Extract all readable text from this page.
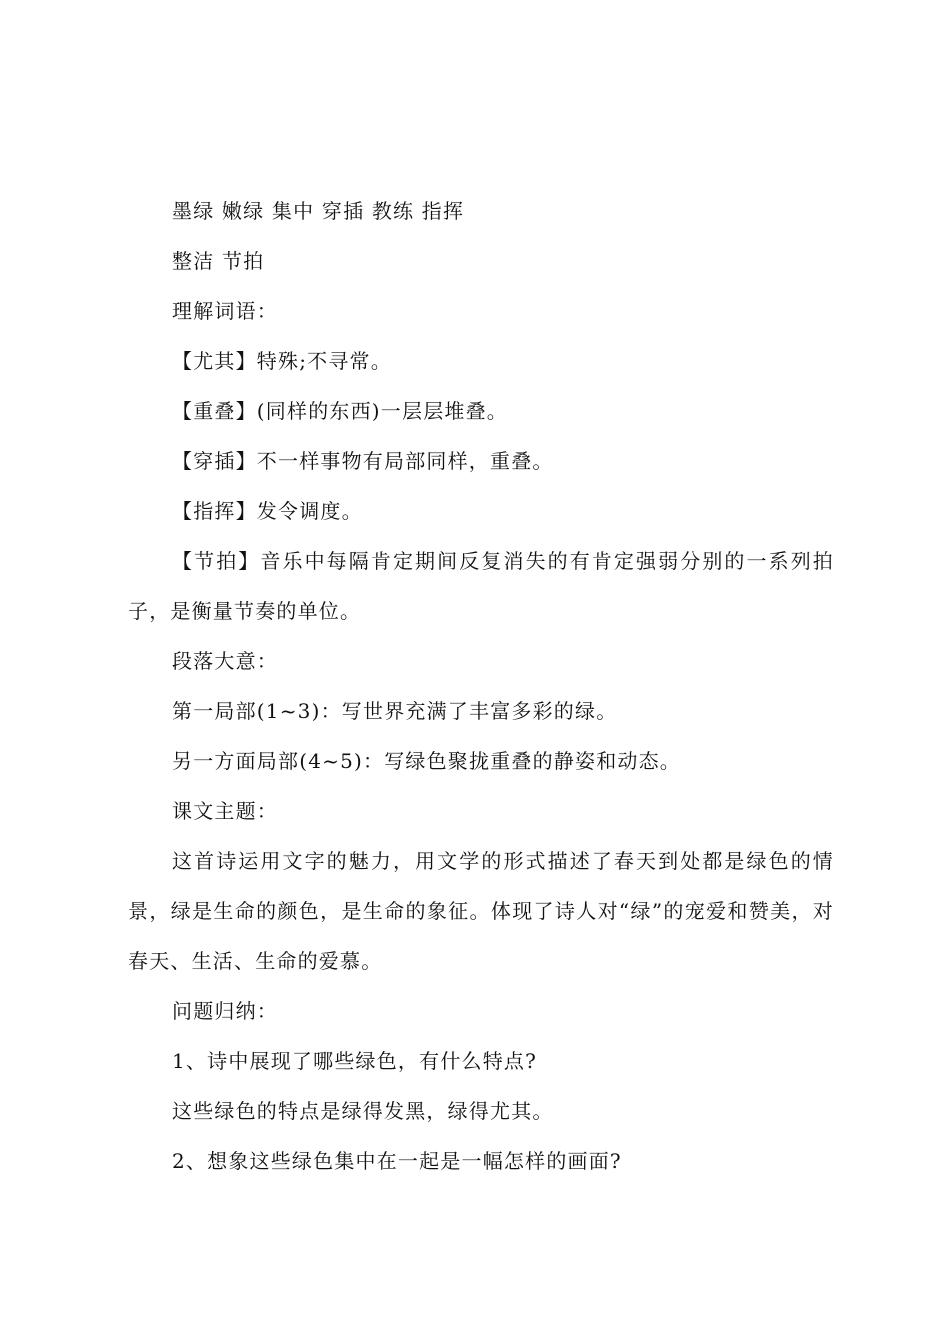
墨绿 嫩绿 集中 穿插 教练 指挥

整洁 节拍

理解词语：

【尤其】特殊;不寻常。

【重叠】(同样的东西)一层层堆叠。

【穿插】不一样事物有局部同样，重叠。

【指挥】发令调度。

【节拍】音乐中每隔肯定期间反复消失的有肯定强弱分别的一系列拍子，是衡量节奏的单位。

段落大意：

第一局部(1~3)：写世界充满了丰富多彩的绿。

另一方面局部(4~5)：写绿色聚拢重叠的静姿和动态。

课文主题：

这首诗运用文字的魅力，用文学的形式描述了春天到处都是绿色的情景，绿是生命的颜色，是生命的象征。体现了诗人对“绿”的宠爱和赞美，对春天、生活、生命的爱慕。

问题归纳：

1、诗中展现了哪些绿色，有什么特点?

这些绿色的特点是绿得发黑，绿得尤其。

2、想象这些绿色集中在一起是一幅怎样的画面?
